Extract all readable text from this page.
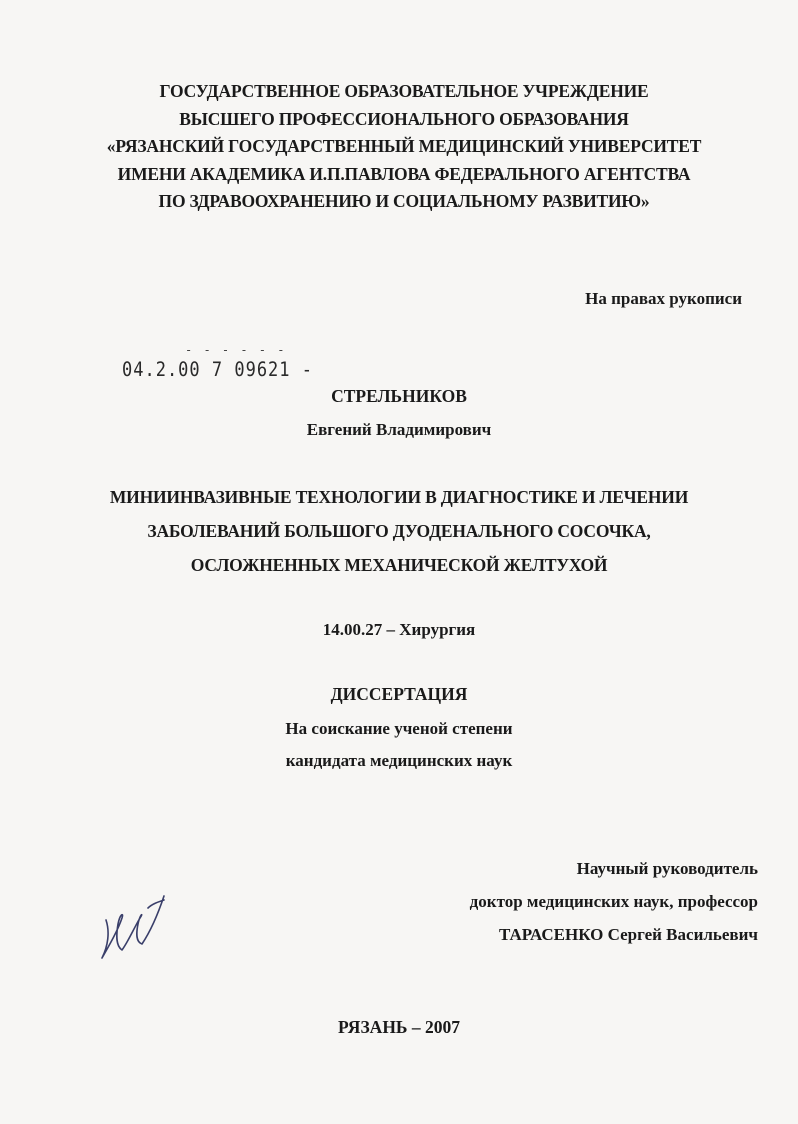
ГОСУДАРСТВЕННОЕ ОБРАЗОВАТЕЛЬНОЕ УЧРЕЖДЕНИЕ
ВЫСШЕГО ПРОФЕССИОНАЛЬНОГО ОБРАЗОВАНИЯ
«РЯЗАНСКИЙ ГОСУДАРСТВЕННЫЙ МЕДИЦИНСКИЙ УНИВЕРСИТЕТ
ИМЕНИ АКАДЕМИКА И.П.ПАВЛОВА ФЕДЕРАЛЬНОГО АГЕНТСТВА
ПО ЗДРАВООХРАНЕНИЮ И СОЦИАЛЬНОМУ РАЗВИТИЮ»
На правах рукописи
- - - - - -
04.2.00 7 09621 -
СТРЕЛЬНИКОВ
Евгений Владимирович
МИНИИНВАЗИВНЫЕ ТЕХНОЛОГИИ В ДИАГНОСТИКЕ И ЛЕЧЕНИИ
ЗАБОЛЕВАНИЙ БОЛЬШОГО ДУОДЕНАЛЬНОГО СОСОЧКА,
ОСЛОЖНЕННЫХ МЕХАНИЧЕСКОЙ ЖЕЛТУХОЙ
14.00.27 – Хирургия
ДИССЕРТАЦИЯ
На соискание ученой степени
кандидата медицинских наук
Научный руководитель
доктор медицинских наук, профессор
ТАРАСЕНКО Сергей Васильевич
РЯЗАНЬ – 2007
